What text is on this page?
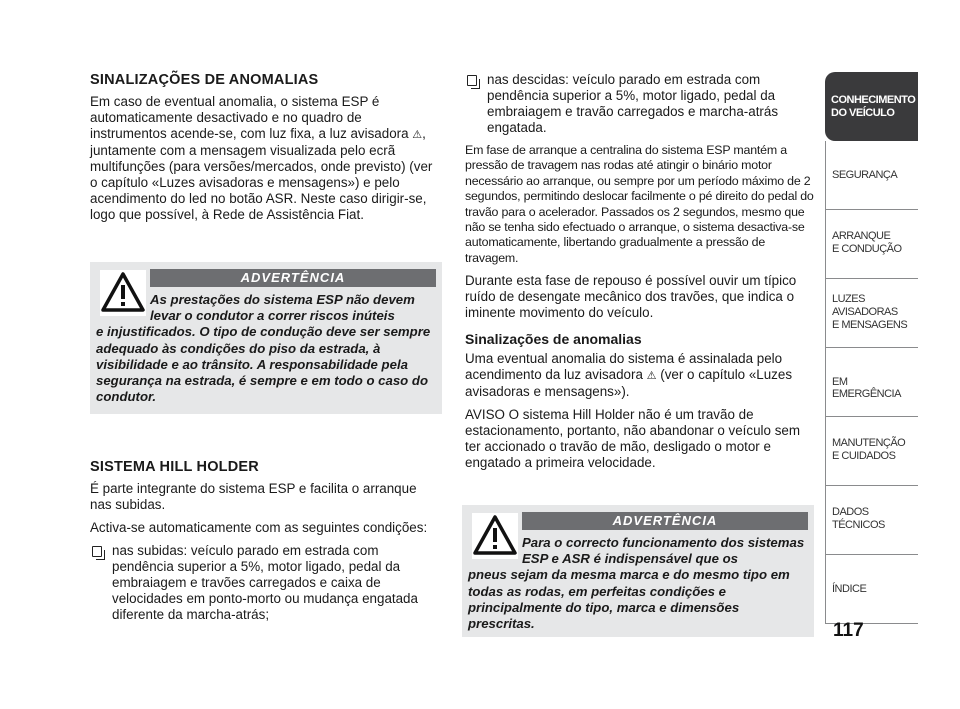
SINALIZAÇÕES DE ANOMALIAS

Em caso de eventual anomalia, o sistema ESP é automaticamente desactivado e no quadro de instrumentos acende-se, com luz fixa, a luz avisadora ⚠, juntamente com a mensagem visualizada pelo ecrã multifunções (para versões/mercados, onde previsto) (ver o capítulo «Luzes avisadoras e mensagens») e pelo acendimento do led no botão ASR. Neste caso dirigir-se, logo que possível, à Rede de Assistência Fiat.

ADVERTÊNCIA
As prestações do sistema ESP não devem levar o condutor a correr riscos inúteis
e injustificados. O tipo de condução deve ser sempre adequado às condições do piso da estrada, à visibilidade e ao trânsito. A responsabilidade pela segurança na estrada, é sempre e em todo o caso do condutor.
SISTEMA HILL HOLDER

É parte integrante do sistema ESP e facilita o arranque nas subidas.

Activa-se automaticamente com as seguintes condições:

nas subidas: veículo parado em estrada com pendência superior a 5%, motor ligado, pedal da embraiagem e travões carregados e caixa de velocidades em ponto-morto ou mudança engatada diferente da marcha-atrás;
nas descidas: veículo parado em estrada com pendência superior a 5%, motor ligado, pedal da embraiagem e travão carregados e marcha-atrás engatada.

Em fase de arranque a centralina do sistema ESP mantém a pressão de travagem nas rodas até atingir o binário motor necessário ao arranque, ou sempre por um período máximo de 2 segundos, permitindo deslocar facilmente o pé direito do pedal do travão para o acelerador. Passados os 2 segundos, mesmo que não se tenha sido efectuado o arranque, o sistema desactiva-se automaticamente, libertando gradualmente a pressão de travagem.

Durante esta fase de repouso é possível ouvir um típico ruído de desengate mecânico dos travões, que indica o iminente movimento do veículo.

Sinalizações de anomalias

Uma eventual anomalia do sistema é assinalada pelo acendimento da luz avisadora ⚠ (ver o capítulo «Luzes avisadoras e mensagens»).

AVISO O sistema Hill Holder não é um travão de estacionamento, portanto, não abandonar o veículo sem ter accionado o travão de mão, desligado o motor e engatado a primeira velocidade.

ADVERTÊNCIA
Para o correcto funcionamento dos sistemas ESP e ASR é indispensável que os
pneus sejam da mesma marca e do mesmo tipo em todas as rodas, em perfeitas condições e principalmente do tipo, marca e dimensões prescritas.
CONHECIMENTO
DO VEÍCULO
SEGURANÇA
ARRANQUE
E CONDUÇÃO
LUZES
AVISADORAS
E MENSAGENS
EM EMERGÊNCIA
MANUTENÇÃO
E CUIDADOS
DADOS
TÉCNICOS
ÍNDICE
117
